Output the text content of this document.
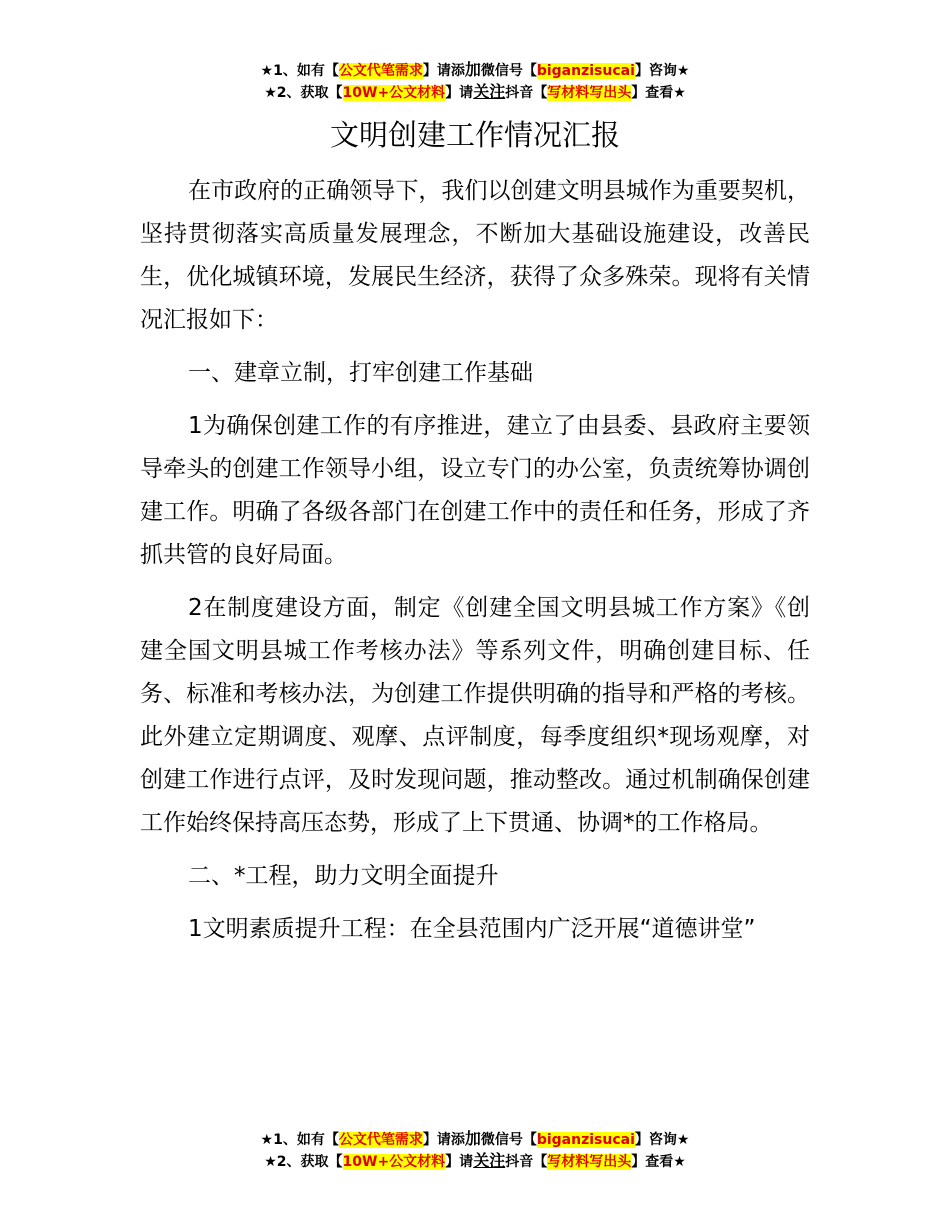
★1、如有【公文代笔需求】请添加微信号【biganzisucai】咨询★
★2、获取【10W+公文材料】请关注抖音【写材料写出头】查看★
文明创建工作情况汇报

在市政府的正确领导下，我们以创建文明县城作为重要契机，坚持贯彻落实高质量发展理念，不断加大基础设施建设，改善民生，优化城镇环境，发展民生经济，获得了众多殊荣。现将有关情况汇报如下：

一、建章立制，打牢创建工作基础

1为确保创建工作的有序推进，建立了由县委、县政府主要领导牵头的创建工作领导小组，设立专门的办公室，负责统筹协调创建工作。明确了各级各部门在创建工作中的责任和任务，形成了齐抓共管的良好局面。

2在制度建设方面，制定《创建全国文明县城工作方案》《创建全国文明县城工作考核办法》等系列文件，明确创建目标、任务、标准和考核办法，为创建工作提供明确的指导和严格的考核。此外建立定期调度、观摩、点评制度，每季度组织*现场观摩，对创建工作进行点评，及时发现问题，推动整改。通过机制确保创建工作始终保持高压态势，形成了上下贯通、协调*的工作格局。

二、*工程，助力文明全面提升

1文明素质提升工程：在全县范围内广泛开展“道德讲堂”

★1、如有【公文代笔需求】请添加微信号【biganzisucai】咨询★
★2、获取【10W+公文材料】请关注抖音【写材料写出头】查看★
